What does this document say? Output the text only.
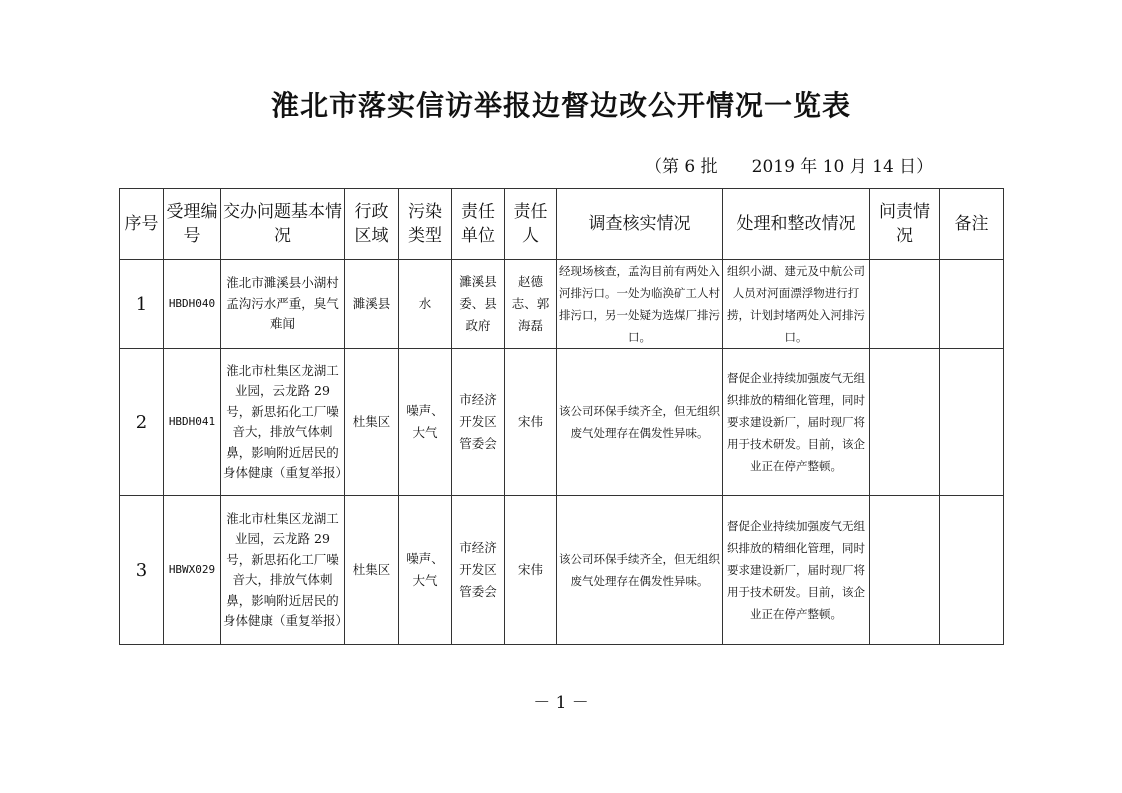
淮北市落实信访举报边督边改公开情况一览表
（第 6 批　　2019 年 10 月 14 日）
序号	受理编号	交办问题基本情况	行政区域	污染类型	责任单位	责任人	调查核实情况	处理和整改情况	问责情况	备注
1	HBDH040	淮北市濉溪县小湖村孟沟污水严重，臭气难闻	濉溪县	水	濉溪县委、县政府	赵德志、郭海磊	经现场核查，孟沟目前有两处入河排污口。一处为临涣矿工人村排污口，另一处疑为选煤厂排污口。	组织小湖、建元及中航公司人员对河面漂浮物进行打捞，计划封堵两处入河排污口。		
2	HBDH041	淮北市杜集区龙湖工业园，云龙路 29 号，新思拓化工厂噪音大，排放气体刺鼻，影响附近居民的身体健康（重复举报）	杜集区	噪声、大气	市经济开发区管委会	宋伟	该公司环保手续齐全，但无组织废气处理存在偶发性异味。	督促企业持续加强废气无组织排放的精细化管理，同时要求建设新厂，届时现厂将用于技术研发。目前，该企业正在停产整顿。		
3	HBWX029	淮北市杜集区龙湖工业园，云龙路 29 号，新思拓化工厂噪音大，排放气体刺鼻，影响附近居民的身体健康（重复举报）	杜集区	噪声、大气	市经济开发区管委会	宋伟	该公司环保手续齐全，但无组织废气处理存在偶发性异味。	督促企业持续加强废气无组织排放的精细化管理，同时要求建设新厂，届时现厂将用于技术研发。目前，该企业正在停产整顿。		
－ 1 －
